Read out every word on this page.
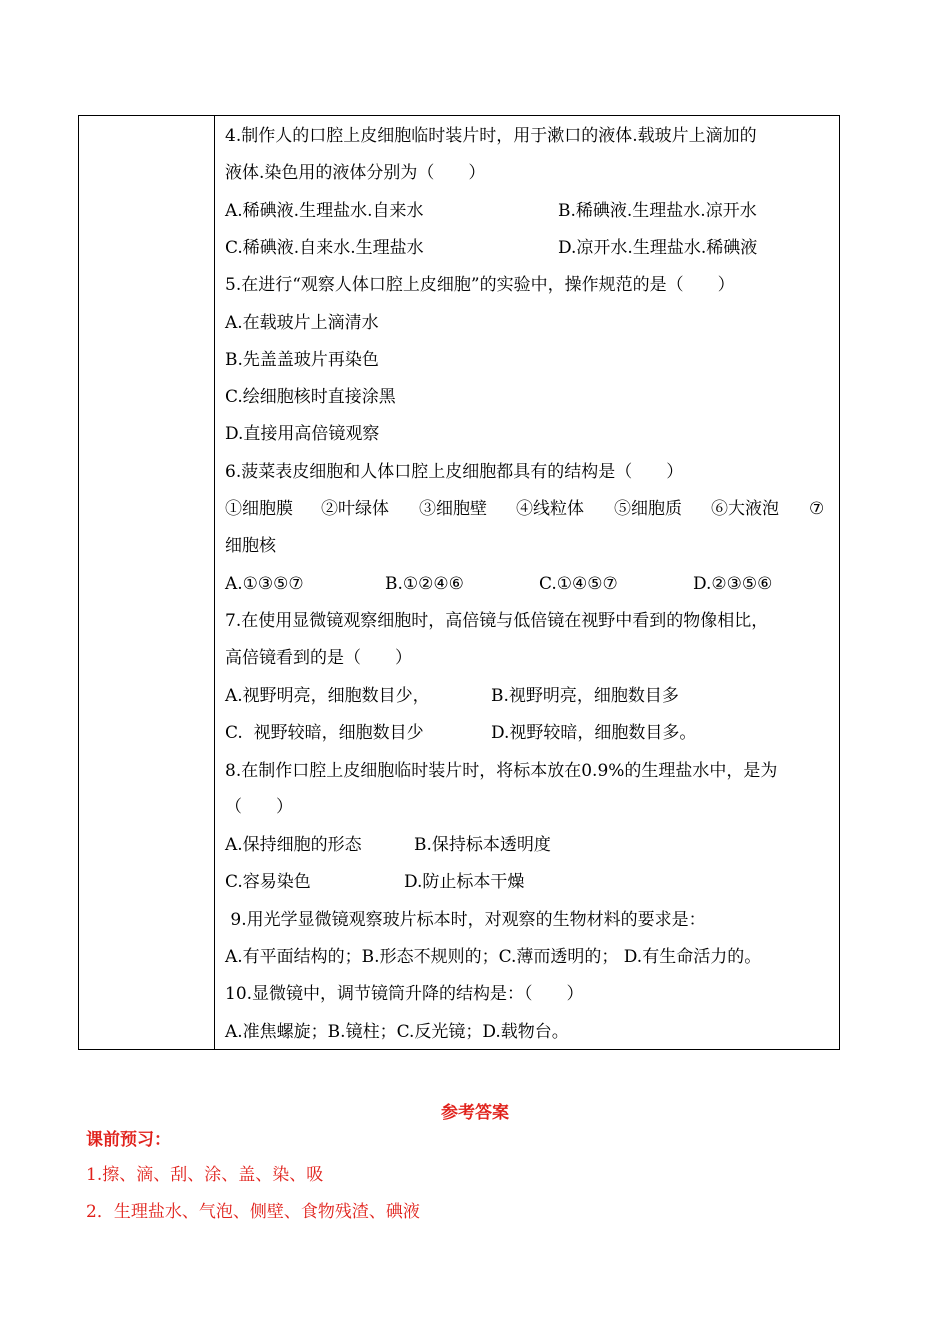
4.制作人的口腔上皮细胞临时装片时，用于漱口的液体.载玻片上滴加的
液体.染色用的液体分别为（　　）
A.稀碘液.生理盐水.自来水	B.稀碘液.生理盐水.凉开水
C.稀碘液.自来水.生理盐水	D.凉开水.生理盐水.稀碘液
5.在进行“观察人体口腔上皮细胞”的实验中，操作规范的是（　　）
A.在载玻片上滴清水
B.先盖盖玻片再染色
C.绘细胞核时直接涂黑
D.直接用高倍镜观察
6.菠菜表皮细胞和人体口腔上皮细胞都具有的结构是（　　）
①细胞膜 ②叶绿体 ③细胞壁 ④线粒体 ⑤细胞质 ⑥大液泡 ⑦
细胞核
A.①③⑤⑦	B.①②④⑥	C.①④⑤⑦	D.②③⑤⑥
7.在使用显微镜观察细胞时，高倍镜与低倍镜在视野中看到的物像相比，
高倍镜看到的是（　　）
A.视野明亮，细胞数目少，	B.视野明亮，细胞数目多
C.  视野较暗，细胞数目少	D.视野较暗，细胞数目多。
8.在制作口腔上皮细胞临时装片时，将标本放在0.9%的生理盐水中，是为
（　　）
A.保持细胞的形态	B.保持标本透明度
C.容易染色	D.防止标本干燥
9.用光学显微镜观察玻片标本时，对观察的生物材料的要求是：
A.有平面结构的；B.形态不规则的；C.薄而透明的； D.有生命活力的。
10.显微镜中，调节镜筒升降的结构是：（　　）
A.准焦螺旋；B.镜柱；C.反光镜；D.载物台。
参考答案
课前预习：
1.擦、滴、刮、涂、盖、染、吸
2．生理盐水、气泡、侧壁、食物残渣、碘液
